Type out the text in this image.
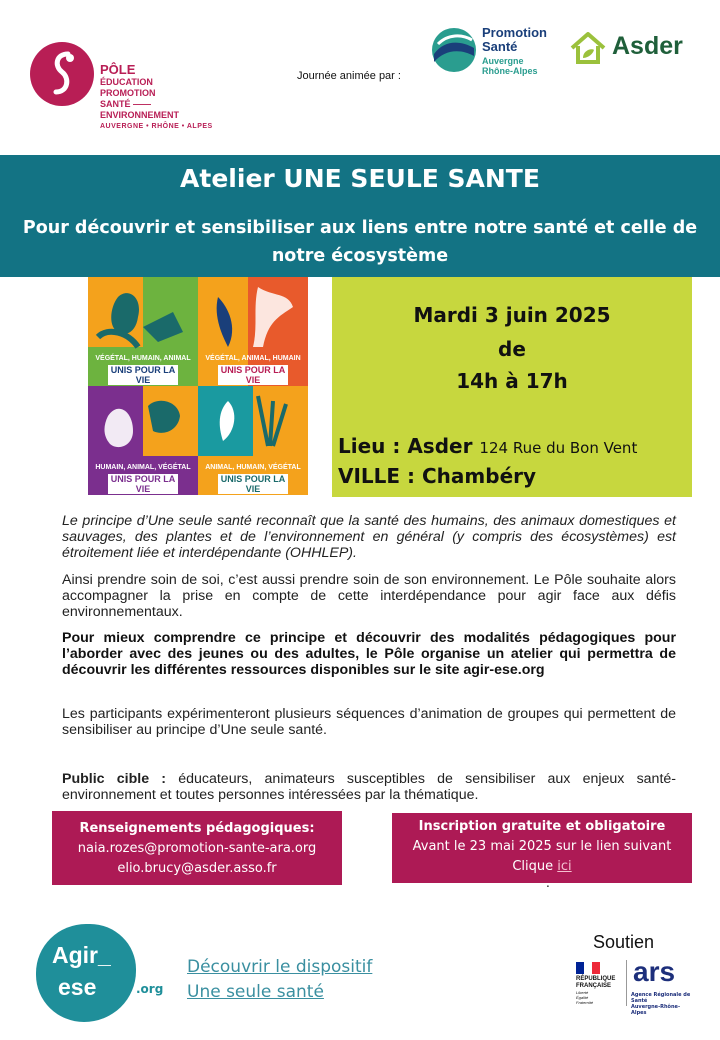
PÔLE
ÉDUCATION
PROMOTION
SANTÉ ——
ENVIRONNEMENT
AUVERGNE • RHÔNE • ALPES
Journée animée par :
Promotion
Santé
Auvergne
Rhône-Alpes
Asder
Atelier UNE SEULE SANTE
Pour découvrir et sensibiliser aux liens entre notre santé et celle de
notre écosystème
VÉGÉTAL, HUMAIN, ANIMAL
UNIS POUR LA VIE
VÉGÉTAL, ANIMAL, HUMAIN
UNIS POUR LA VIE
HUMAIN, ANIMAL, VÉGÉTAL
UNIS POUR LA VIE
ANIMAL, HUMAIN, VÉGÉTAL
UNIS POUR LA VIE
Mardi 3 juin 2025
de
14h à 17h
Lieu : Asder 124 Rue du Bon Vent
VILLE : Chambéry
Le principe d’Une seule santé reconnaît que la santé des humains, des animaux domestiques et sauvages, des plantes et de l’environnement en général (y compris des écosystèmes) est étroitement liée et interdépendante (OHHLEP).
Ainsi prendre soin de soi, c’est aussi prendre soin de son environnement. Le Pôle souhaite alors accompagner la prise en compte de cette interdépendance pour agir face aux défis environnementaux.
Pour mieux comprendre ce principe et découvrir des modalités pédagogiques pour l’aborder avec des jeunes ou des adultes, le Pôle organise un atelier qui permettra de découvrir les différentes ressources disponibles sur le site agir-ese.org
Les participants expérimenteront plusieurs séquences d’animation de groupes qui permettent de sensibiliser au principe d’Une seule santé.
Public cible : éducateurs, animateurs susceptibles de sensibiliser aux enjeux santé-environnement et toutes personnes intéressées par la thématique.
Renseignements pédagogiques:
naia.rozes@promotion-sante-ara.org
elio.brucy@asder.asso.fr
Inscription gratuite et obligatoire
Avant le 23 mai 2025 sur le lien suivant
Clique ici
.
Agir_
ese	.org
Découvrir le dispositif
Une seule santé
Soutien
RÉPUBLIQUE
FRANÇAISE
Liberté
Égalité
Fraternité
ars
Agence Régionale de Santé
Auvergne-Rhône-Alpes
